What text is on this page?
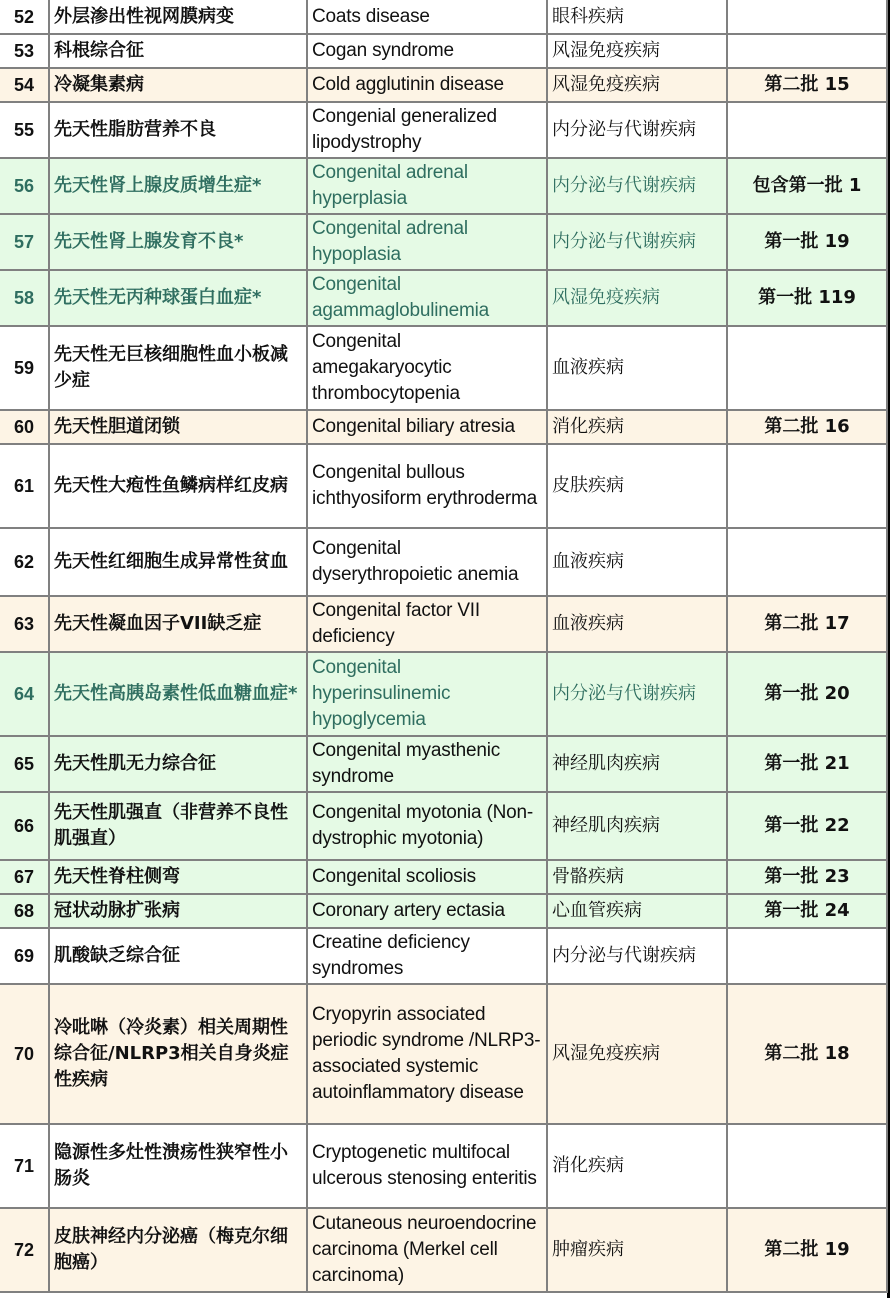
52	外层渗出性视网膜病变	Coats disease	眼科疾病	
53	科根综合征	Cogan syndrome	风湿免疫疾病	
54	冷凝集素病	Cold agglutinin disease	风湿免疫疾病	第二批 15
55	先天性脂肪营养不良	Congenial generalized lipodystrophy	内分泌与代谢疾病	
56	先天性肾上腺皮质增生症*	Congenital adrenal hyperplasia	内分泌与代谢疾病	包含第一批 1
57	先天性肾上腺发育不良*	Congenital adrenal hypoplasia	内分泌与代谢疾病	第一批 19
58	先天性无丙种球蛋白血症*	Congenital agammaglobulinemia	风湿免疫疾病	第一批 119
59	先天性无巨核细胞性血小板减少症	Congenital amegakaryocytic thrombocytopenia	血液疾病	
60	先天性胆道闭锁	Congenital biliary atresia	消化疾病	第二批 16
61	先天性大疱性鱼鳞病样红皮病	Congenital bullous ichthyosiform erythroderma	皮肤疾病	
62	先天性红细胞生成异常性贫血	Congenital dyserythropoietic anemia	血液疾病	
63	先天性凝血因子VII缺乏症	Congenital factor VII deficiency	血液疾病	第二批 17
64	先天性高胰岛素性低血糖血症*	Congenital hyperinsulinemic hypoglycemia	内分泌与代谢疾病	第一批 20
65	先天性肌无力综合征	Congenital myasthenic syndrome	神经肌肉疾病	第一批 21
66	先天性肌强直（非营养不良性肌强直）	Congenital myotonia (Non-dystrophic myotonia)	神经肌肉疾病	第一批 22
67	先天性脊柱侧弯	Congenital scoliosis	骨骼疾病	第一批 23
68	冠状动脉扩张病	Coronary artery ectasia	心血管疾病	第一批 24
69	肌酸缺乏综合征	Creatine deficiency syndromes	内分泌与代谢疾病	
70	冷吡啉（冷炎素）相关周期性综合征/NLRP3相关自身炎症性疾病	Cryopyrin associated periodic syndrome /NLRP3-associated systemic autoinflammatory disease	风湿免疫疾病	第二批 18
71	隐源性多灶性溃疡性狭窄性小肠炎	Cryptogenetic multifocal ulcerous stenosing enteritis	消化疾病	
72	皮肤神经内分泌癌（梅克尔细胞癌）	Cutaneous neuroendocrine carcinoma (Merkel cell carcinoma)	肿瘤疾病	第二批 19
